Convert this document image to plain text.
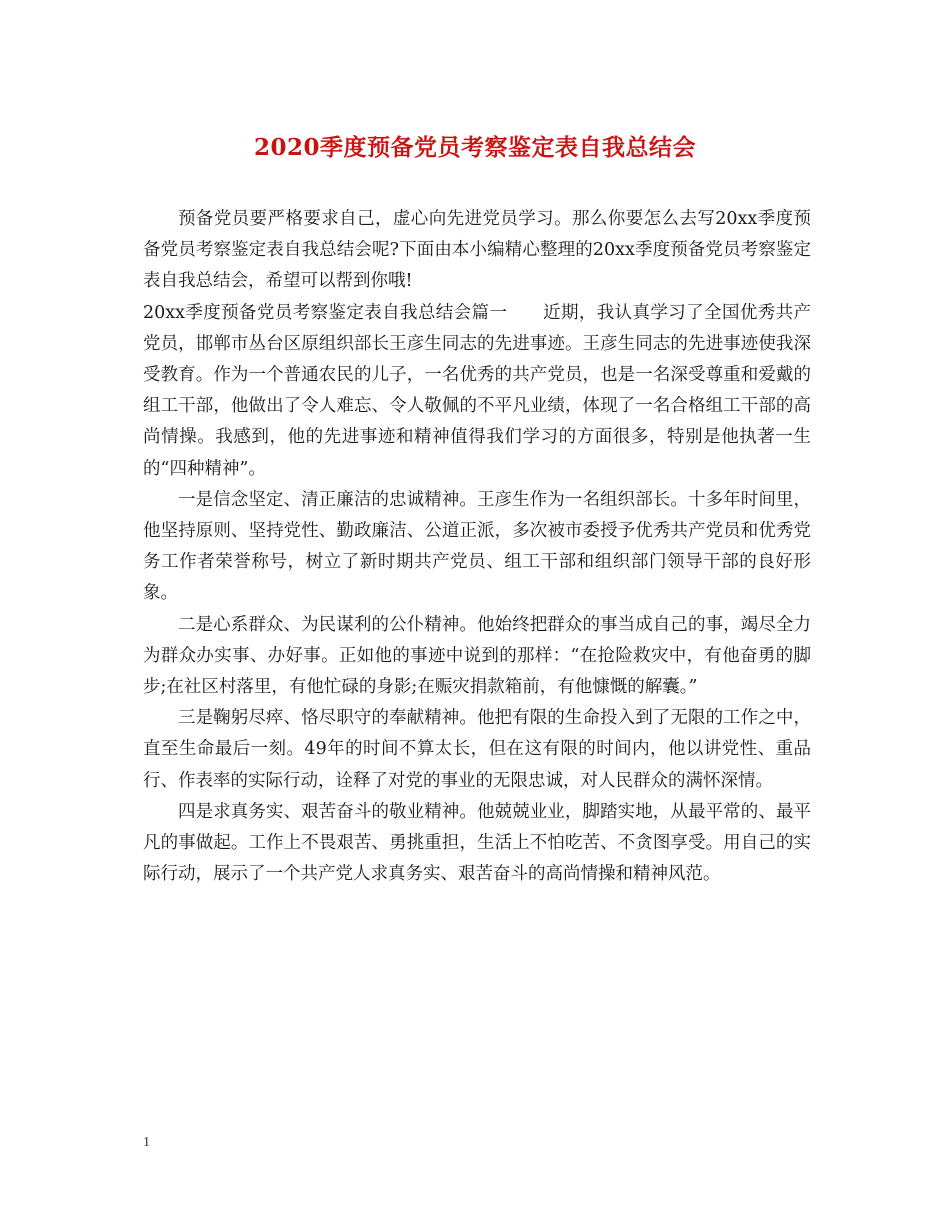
2020季度预备党员考察鉴定表自我总结会

预备党员要严格要求自己，虚心向先进党员学习。那么你要怎么去写20xx季度预备党员考察鉴定表自我总结会呢?下面由本小编精心整理的20xx季度预备党员考察鉴定表自我总结会，希望可以帮到你哦!

20xx季度预备党员考察鉴定表自我总结会篇一　　近期，我认真学习了全国优秀共产党员，邯郸市丛台区原组织部长王彦生同志的先进事迹。王彦生同志的先进事迹使我深受教育。作为一个普通农民的儿子，一名优秀的共产党员，也是一名深受尊重和爱戴的组工干部，他做出了令人难忘、令人敬佩的不平凡业绩，体现了一名合格组工干部的高尚情操。我感到，他的先进事迹和精神值得我们学习的方面很多，特别是他执著一生的“四种精神”。

一是信念坚定、清正廉洁的忠诚精神。王彦生作为一名组织部长。十多年时间里，他坚持原则、坚持党性、勤政廉洁、公道正派，多次被市委授予优秀共产党员和优秀党务工作者荣誉称号，树立了新时期共产党员、组工干部和组织部门领导干部的良好形象。

二是心系群众、为民谋利的公仆精神。他始终把群众的事当成自己的事，竭尽全力为群众办实事、办好事。正如他的事迹中说到的那样：“在抢险救灾中，有他奋勇的脚步;在社区村落里，有他忙碌的身影;在赈灾捐款箱前，有他慷慨的解囊。”

三是鞠躬尽瘁、恪尽职守的奉献精神。他把有限的生命投入到了无限的工作之中，直至生命最后一刻。49年的时间不算太长，但在这有限的时间内，他以讲党性、重品行、作表率的实际行动，诠释了对党的事业的无限忠诚，对人民群众的满怀深情。

四是求真务实、艰苦奋斗的敬业精神。他兢兢业业，脚踏实地，从最平常的、最平凡的事做起。工作上不畏艰苦、勇挑重担，生活上不怕吃苦、不贪图享受。用自己的实际行动，展示了一个共产党人求真务实、艰苦奋斗的高尚情操和精神风范。

1
